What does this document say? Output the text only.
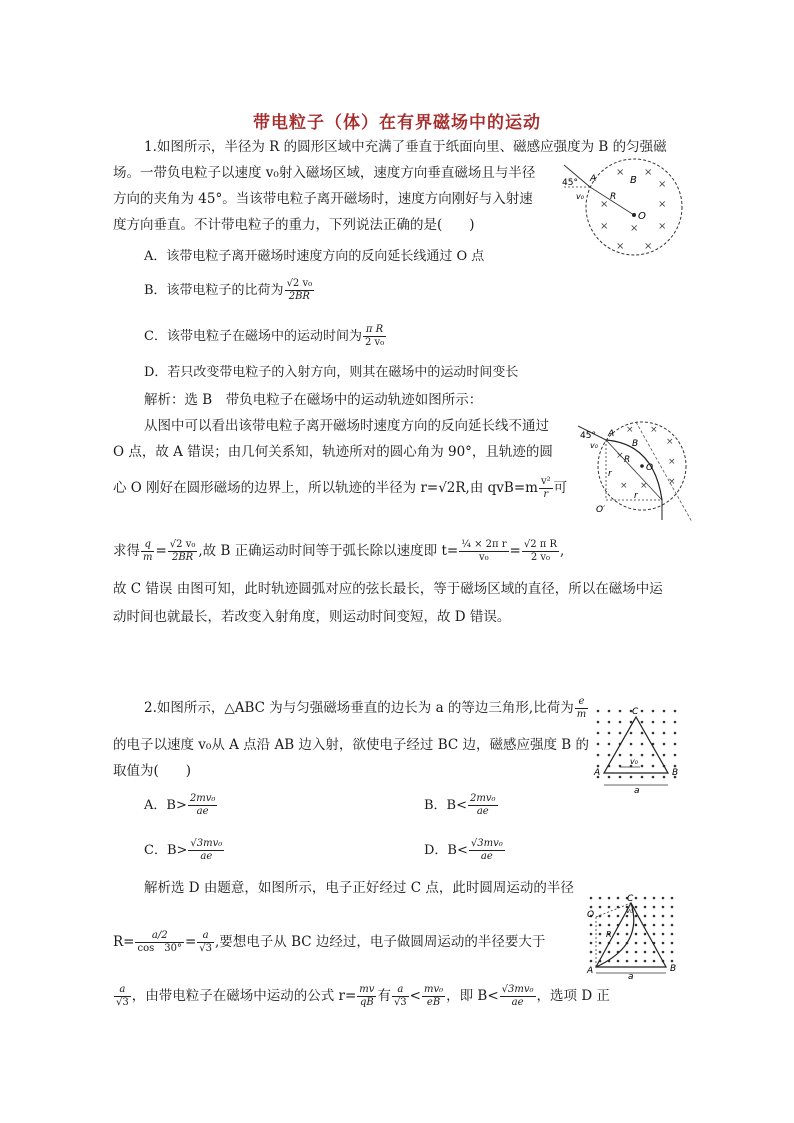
带电粒子（体）在有界磁场中的运动
1.如图所示，半径为 R 的圆形区域中充满了垂直于纸面向里、磁感应强度为 B 的匀强磁
场。一带负电粒子以速度 v₀射入磁场区域，速度方向垂直磁场且与半径
方向的夹角为 45°。当该带电粒子离开磁场时，速度方向刚好与入射速
度方向垂直。不计带电粒子的重力，下列说法正确的是(　　)
A．该带电粒子离开磁场时速度方向的反向延长线通过 O 点
B．该带电粒子的比荷为 $\frac{\text{√2 v₀}}{2BR}$
C．该带电粒子在磁场中的运动时间为 $\frac{\text{π R}}{\text{2 v₀}}$
D．若只改变带电粒子的入射方向，则其在磁场中的运动时间变长
解析：选 B　带负电粒子在磁场中的运动轨迹如图所示：
从图中可以看出该带电粒子离开磁场时速度方向的反向延长线不通过
O 点，故 A 错误；由几何关系知，轨迹所对的圆心角为 90°，且轨迹的圆
心 O 刚好在圆形磁场的边界上，所以轨迹的半径为 r=√2R,由 $qvB=m \frac{\text{v²}}{r}$ 可
求得 $\frac{q}{m} = \frac{\text{√2 v₀}}{2BR}$ ,故 B 正确运动时间等于弧长除以速度即 $t= \frac{\text{¼ × 2π r}}{\text{v₀}} = \frac{\text{√2 π R}}{\text{2 v₀}}$ ,
故 C 错误 由图可知，此时轨迹圆弧对应的弦长最长，等于磁场区域的直径，所以在磁场中运
动时间也就最长，若改变入射角度，则运动时间变短，故 D 错误。
45°
v₀
A	B
R
O
× ×
×
×	×
× × ×
× ×
45°
v₀
A
B
R
O
r
r
O′
× ×
×
×
×
× × ×
2.如图所示，△ABC 为与匀强磁场垂直的边长为 a 的等边三角形,比荷为 $\frac{e}{m}$
的电子以速度 v₀从 A 点沿 AB 边入射，欲使电子经过 BC 边，磁感应强度 B 的
取值为(　　)
A．$B> \frac{\text{2mv₀}}{ae}$	B．$B< \frac{\text{2mv₀}}{ae}$
C．$B> \frac{\text{√3mv₀}}{ae}$	D．$B< \frac{\text{√3mv₀}}{ae}$
解析选 D 由题意，如图所示，电子正好经过 C 点，此时圆周运动的半径
$R= \frac{a/2}{\cos 30^\circ} = \frac{a}{√3}$ ,要想电子从 BC 边经过，电子做圆周运动的半径要大于
$\frac{a}{√3}$ ，由带电粒子在磁场中运动的公式 $r= \frac{mv}{qB}$ 有 $\frac{a}{√3} < \frac{\text{mv₀}}{eB}$ ，即 $B< \frac{\text{√3mv₀}}{ae}$ ，选项 D 正
C
A	B
v₀
a
C
O
R
A	B
v₀
a
